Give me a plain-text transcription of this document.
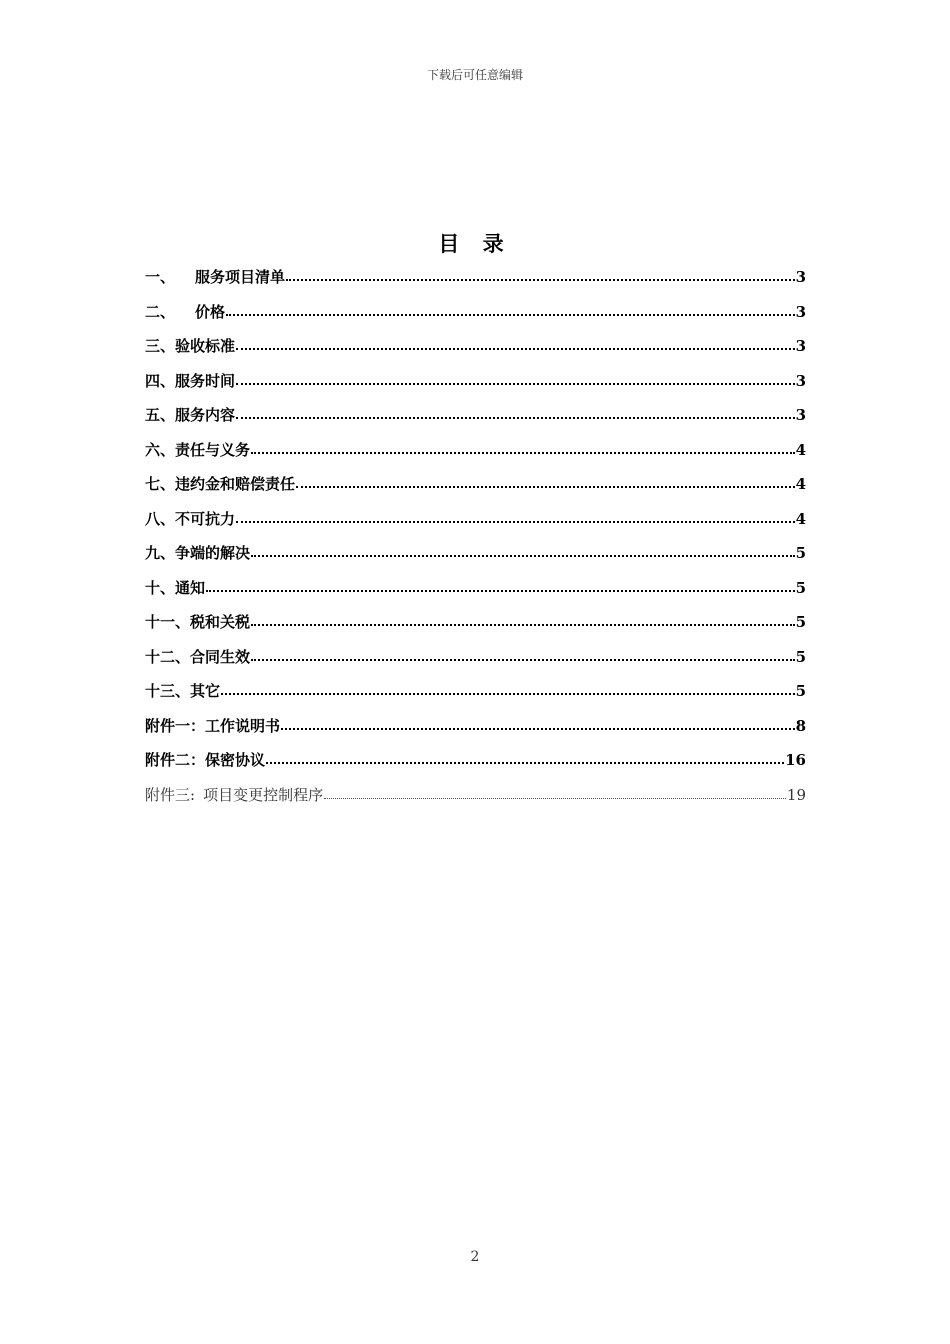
下载后可任意编辑
目 录
一、	服务项目清单	3
二、	价格	3
三、 验收标准	3
四、 服务时间	3
五、 服务内容	3
六、 责任与义务	4
七、 违约金和赔偿责任	4
八、 不可抗力	4
九、 争端的解决	5
十、 通知	5
十一、 税和关税	5
十二、 合同生效	5
十三、 其它	5
附件一： 工作说明书	8
附件二： 保密协议	16
附件三: 项目变更控制程序	19
2
